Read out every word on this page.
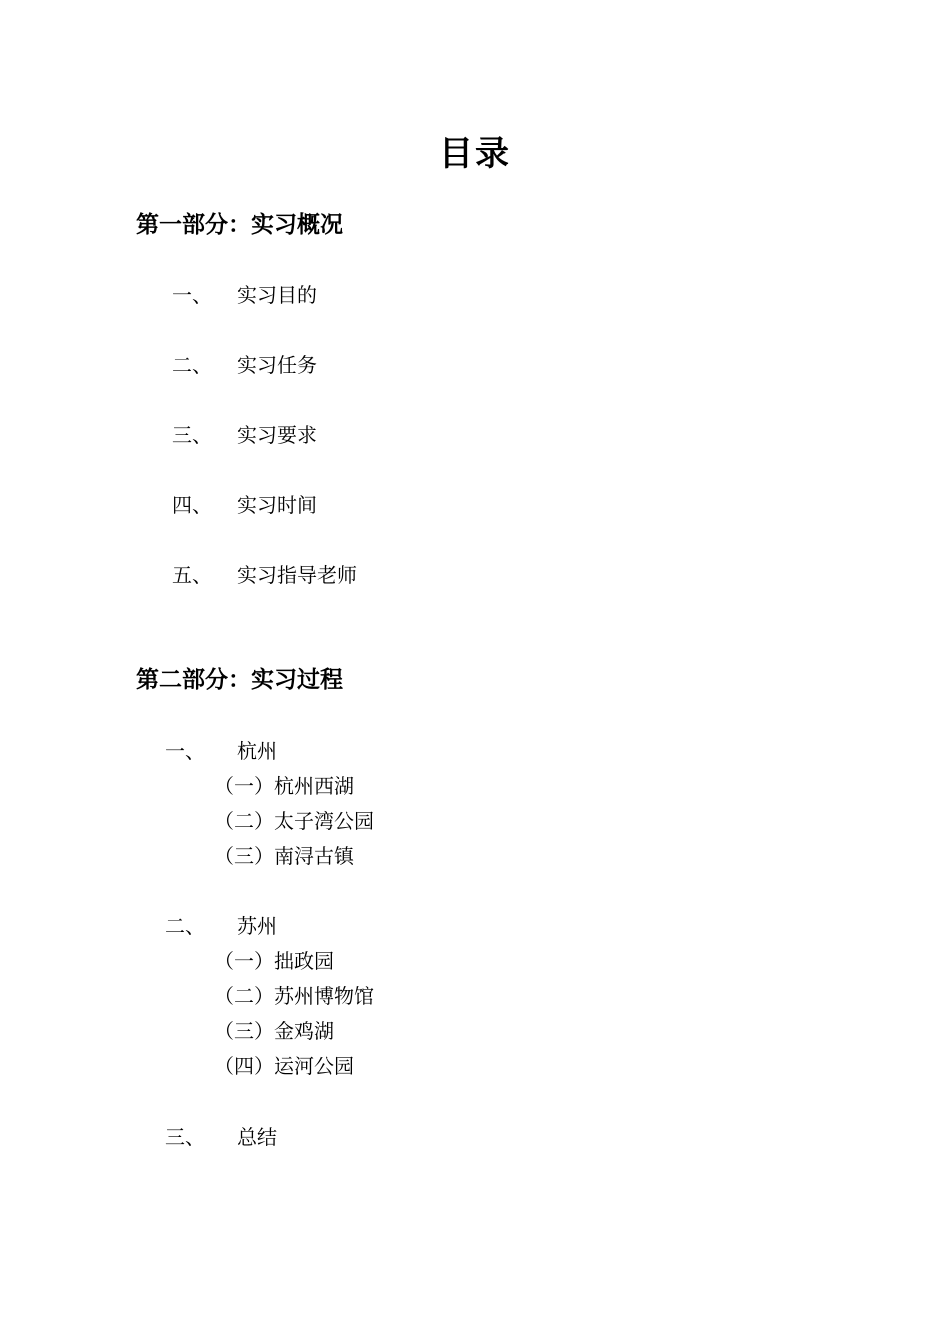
目录
第一部分：实习概况
一、 实习目的
二、 实习任务
三、 实习要求
四、 实习时间
五、 实习指导老师
第二部分：实习过程
一、 杭州
（一）杭州西湖
（二）太子湾公园
（三）南浔古镇
二、 苏州
（一）拙政园
（二）苏州博物馆
（三）金鸡湖
（四）运河公园
三、 总结
